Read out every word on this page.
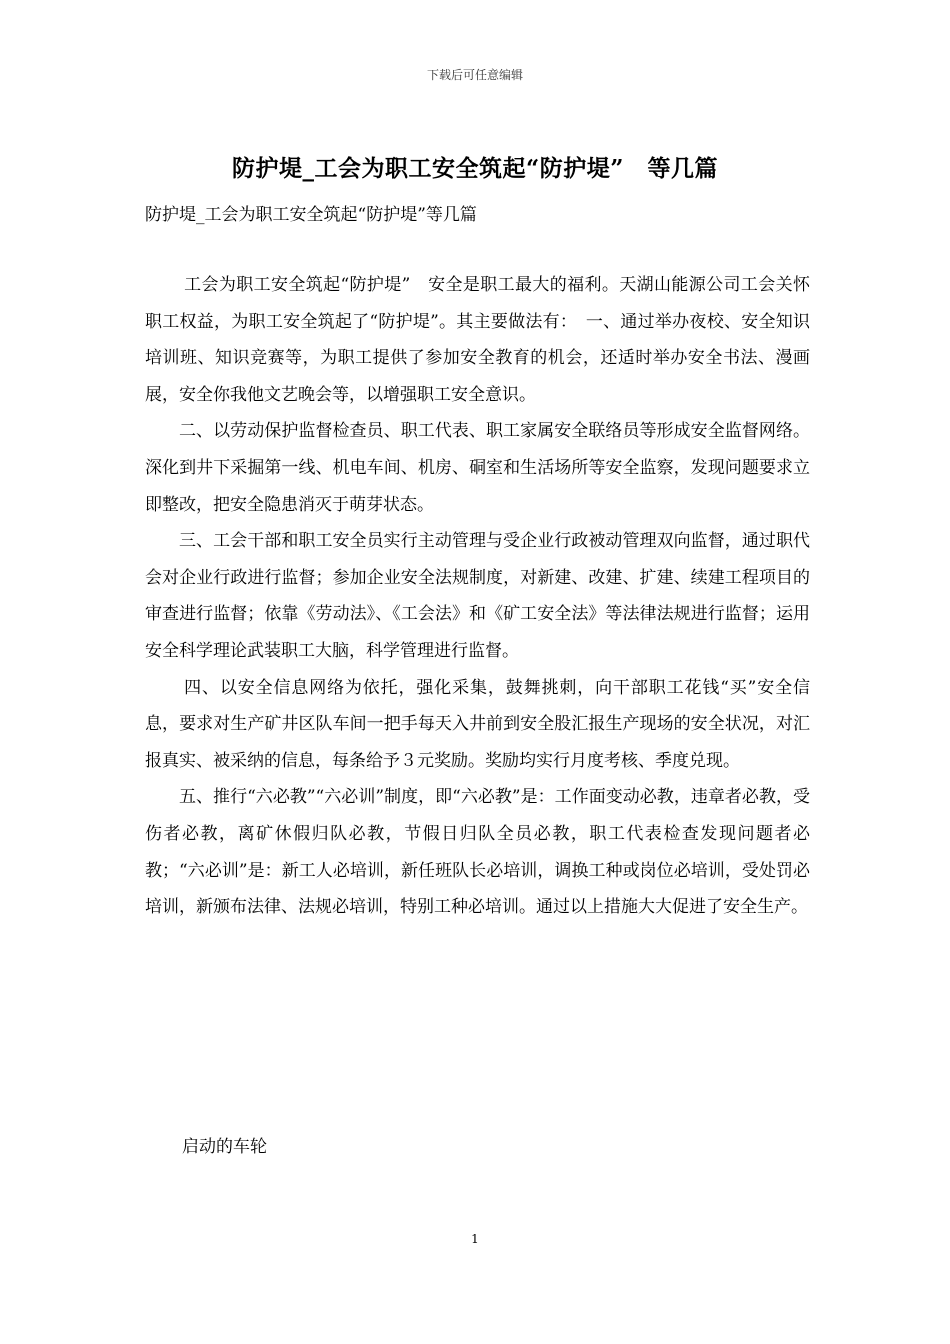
下载后可任意编辑
防护堤_工会为职工安全筑起“防护堤”　等几篇
防护堤_工会为职工安全筑起“防护堤”等几篇

工会为职工安全筑起“防护堤”　安全是职工最大的福利。天湖山能源公司工会关怀职工权益，为职工安全筑起了“防护堤”。其主要做法有：　一、通过举办夜校、安全知识培训班、知识竞赛等，为职工提供了参加安全教育的机会，还适时举办安全书法、漫画展，安全你我他文艺晚会等，以增强职工安全意识。

二、以劳动保护监督检查员、职工代表、职工家属安全联络员等形成安全监督网络。深化到井下采掘第一线、机电车间、机房、硐室和生活场所等安全监察，发现问题要求立即整改，把安全隐患消灭于萌芽状态。

三、工会干部和职工安全员实行主动管理与受企业行政被动管理双向监督，通过职代会对企业行政进行监督；参加企业安全法规制度，对新建、改建、扩建、续建工程项目的审查进行监督；依靠《劳动法》、《工会法》和《矿工安全法》等法律法规进行监督；运用安全科学理论武装职工大脑，科学管理进行监督。

四、以安全信息网络为依托，强化采集，鼓舞挑刺，向干部职工花钱“买”安全信息，要求对生产矿井区队车间一把手每天入井前到安全股汇报生产现场的安全状况，对汇报真实、被采纳的信息，每条给予３元奖励。奖励均实行月度考核、季度兑现。

五、推行“六必教”“六必训”制度，即“六必教”是：工作面变动必教，违章者必教，受伤者必教，离矿休假归队必教，节假日归队全员必教，职工代表检查发现问题者必教；“六必训”是：新工人必培训，新任班队长必培训，调换工种或岗位必培训，受处罚必培训，新颁布法律、法规必培训，特别工种必培训。通过以上措施大大促进了安全生产。

启动的车轮
1
